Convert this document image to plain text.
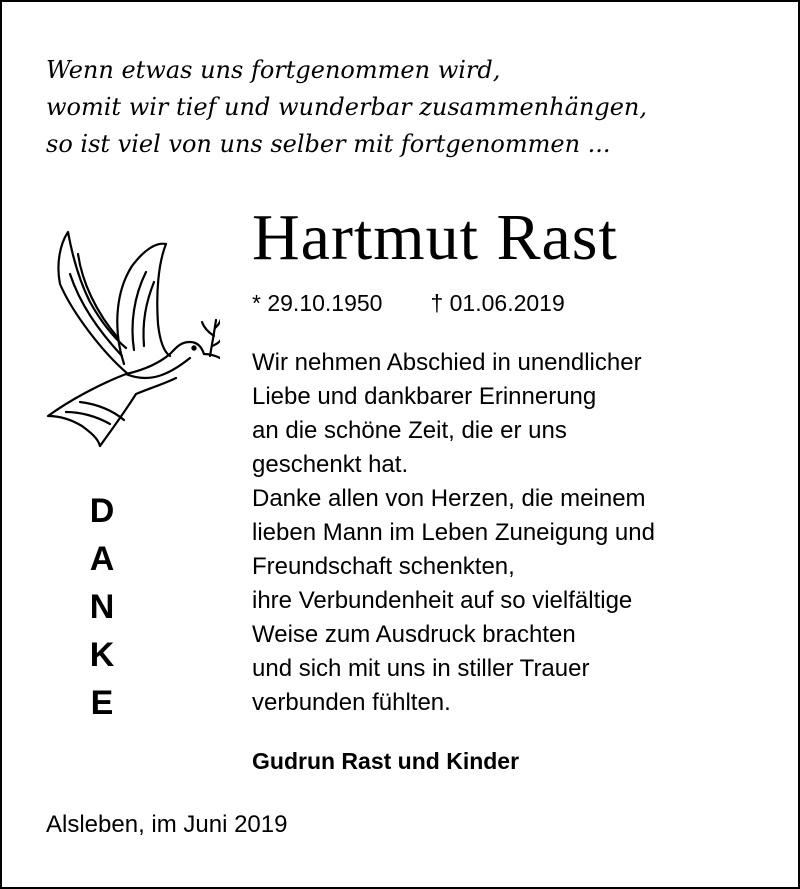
Wenn etwas uns fortgenommen wird,
womit wir tief und wunderbar zusammenhängen,
so ist viel von uns selber mit fortgenommen ...
D
A
N
K
E
Hartmut Rast
* 29.10.1950 † 01.06.2019
Wir nehmen Abschied in unendlicher
Liebe und dankbarer Erinnerung
an die schöne Zeit, die er uns
geschenkt hat.
Danke allen von Herzen, die meinem
lieben Mann im Leben Zuneigung und
Freundschaft schenkten,
ihre Verbundenheit auf so vielfältige
Weise zum Ausdruck brachten
und sich mit uns in stiller Trauer
verbunden fühlten.
Gudrun Rast und Kinder
Alsleben, im Juni 2019
